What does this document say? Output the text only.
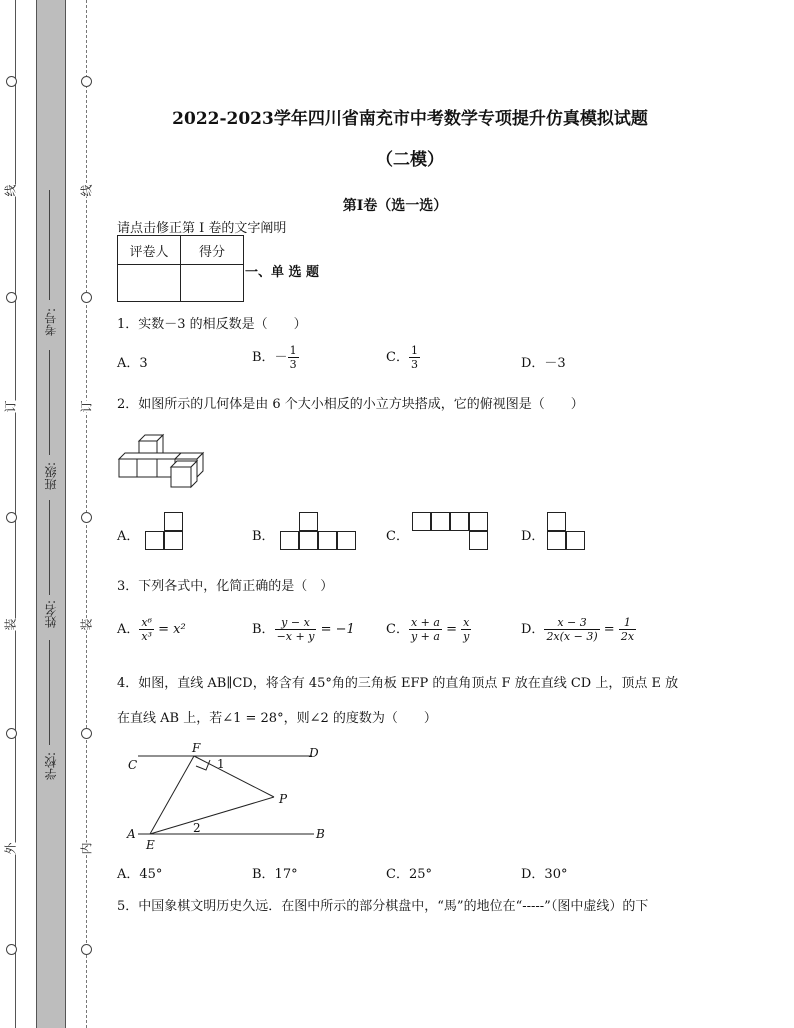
线
订
装
外
线
订
装
内
考号:
班级:
姓名:
学校:
2022-2023学年四川省南充市中考数学专项提升仿真模拟试题
（二模）
第I卷（选一选）
请点击修正第 I 卷的文字阐明
评卷人	得分

一、单 选 题
1．实数－3 的相反数是（　　）
A．3	B．－ $\frac{1}{3}$	C． $\frac{1}{3}$	D．－3
2．如图所示的几何体是由 6 个大小相反的小立方块搭成，它的俯视图是（　　）
A．	B．	C．	D．
3．下列各式中，化简正确的是（　）
A． $\frac{\text{x⁶}}{\text{x³}} = x^2$	B． $\frac{y - x}{-x + y} = -1$ C． $\frac{x + a}{y + a} = \frac{x}{y}$	D． $\frac{x - 3}{2x(x - 3)} = \frac{1}{2x}$
4．如图，直线 AB∥CD，将含有 45°角的三角板 EFP 的直角顶点 F 放在直线 CD 上，顶点 E 放
在直线 AB 上，若∠1 = 28°，则∠2 的度数为（　　）
F	D
C
P
A
E
B
1
2
A．45°	B．17°	C．25°	D．30°
5．中国象棋文明历史久远．在图中所示的部分棋盘中，“馬”的地位在“-----”（图中虚线）的下
